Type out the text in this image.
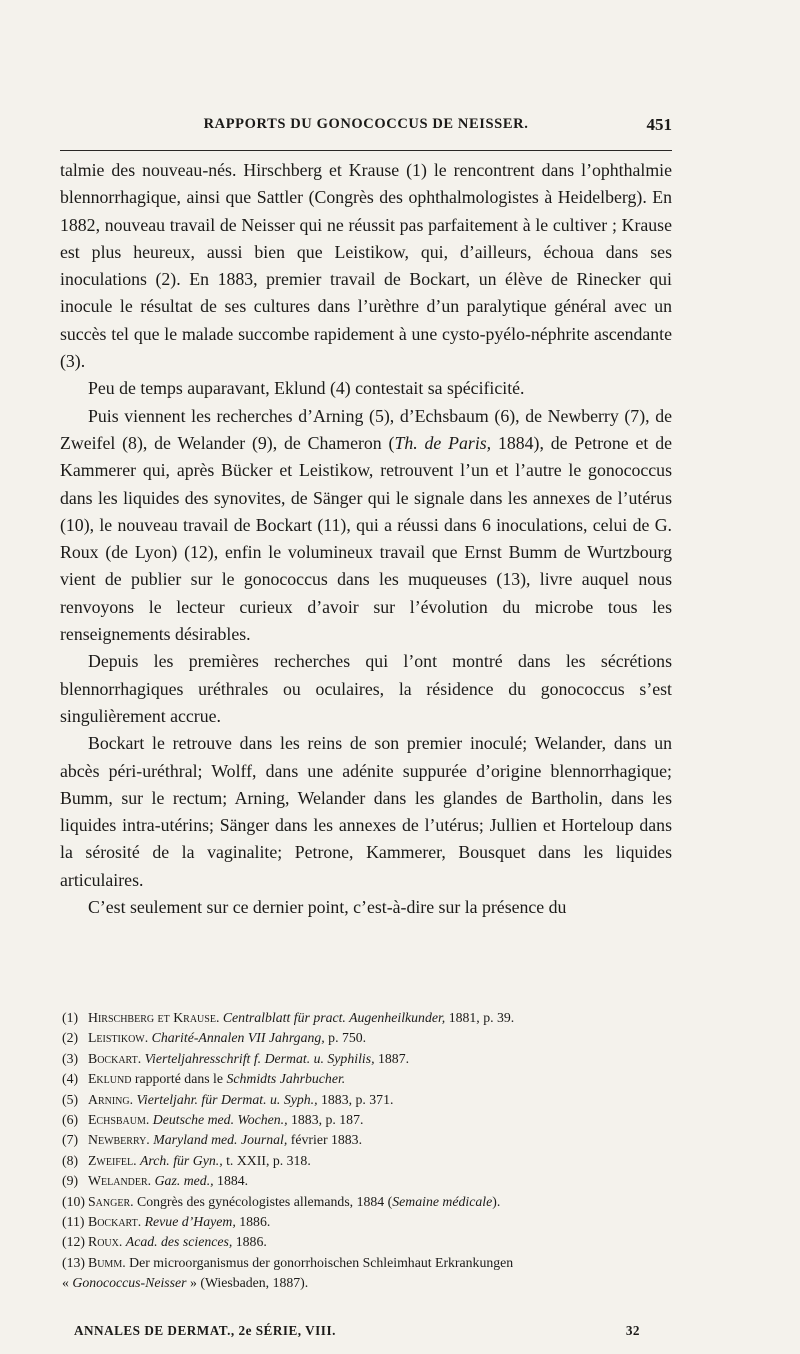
RAPPORTS DU GONOCOCCUS DE NEISSER.	451

talmie des nouveau-nés. Hirschberg et Krause (1) le rencontrent dans l’ophthalmie blennorrhagique, ainsi que Sattler (Congrès des ophthalmologistes à Heidelberg). En 1882, nouveau travail de Neisser qui ne réussit pas parfaitement à le cultiver ; Krause est plus heureux, aussi bien que Leistikow, qui, d’ailleurs, échoua dans ses inoculations (2). En 1883, premier travail de Bockart, un élève de Rinecker qui inocule le résultat de ses cultures dans l’urèthre d’un paralytique général avec un succès tel que le malade succombe rapidement à une cysto-pyélo-néphrite ascendante (3).

Peu de temps auparavant, Eklund (4) contestait sa spécificité.

Puis viennent les recherches d’Arning (5), d’Echsbaum (6), de Newberry (7), de Zweifel (8), de Welander (9), de Chameron (Th. de Paris, 1884), de Petrone et de Kammerer qui, après Bücker et Leistikow, retrouvent l’un et l’autre le gonococcus dans les liquides des synovites, de Sänger qui le signale dans les annexes de l’utérus (10), le nouveau travail de Bockart (11), qui a réussi dans 6 inoculations, celui de G. Roux (de Lyon) (12), enfin le volumineux travail que Ernst Bumm de Wurtzbourg vient de publier sur le gonococcus dans les muqueuses (13), livre auquel nous renvoyons le lecteur curieux d’avoir sur l’évolution du microbe tous les renseignements désirables.

Depuis les premières recherches qui l’ont montré dans les sécrétions blennorrhagiques uréthrales ou oculaires, la résidence du gonococcus s’est singulièrement accrue.

Bockart le retrouve dans les reins de son premier inoculé; Welander, dans un abcès péri-uréthral; Wolff, dans une adénite suppurée d’origine blennorrhagique; Bumm, sur le rectum; Arning, Welander dans les glandes de Bartholin, dans les liquides intra-utérins; Sänger dans les annexes de l’utérus; Jullien et Horteloup dans la sérosité de la vaginalite; Petrone, Kammerer, Bousquet dans les liquides articulaires.

C’est seulement sur ce dernier point, c’est-à-dire sur la présence du

(1) Hirschberg et Krause. Centralblatt für pract. Augenheilkunder, 1881, p. 39.
(2) Leistikow. Charité-Annalen VII Jahrgang, p. 750.
(3) Bockart. Vierteljahresschrift f. Dermat. u. Syphilis, 1887.
(4) Eklund rapporté dans le Schmidts Jahrbucher.
(5) Arning. Vierteljahr. für Dermat. u. Syph., 1883, p. 371.
(6) Echsbaum. Deutsche med. Wochen., 1883, p. 187.
(7) Newberry. Maryland med. Journal, février 1883.
(8) Zweifel. Arch. für Gyn., t. XXII, p. 318.
(9) Welander. Gaz. med., 1884.
(10) Sanger. Congrès des gynécologistes allemands, 1884 (Semaine médicale).
(11) Bockart. Revue d’Hayem, 1886.
(12) Roux. Acad. des sciences, 1886.
(13) Bumm. Der microorganismus der gonorrhoischen Schleimhaut Erkrankungen
« Gonococcus-Neisser » (Wiesbaden, 1887).
ANNALES DE DERMAT., 2e SÉRIE, VIII.	32
